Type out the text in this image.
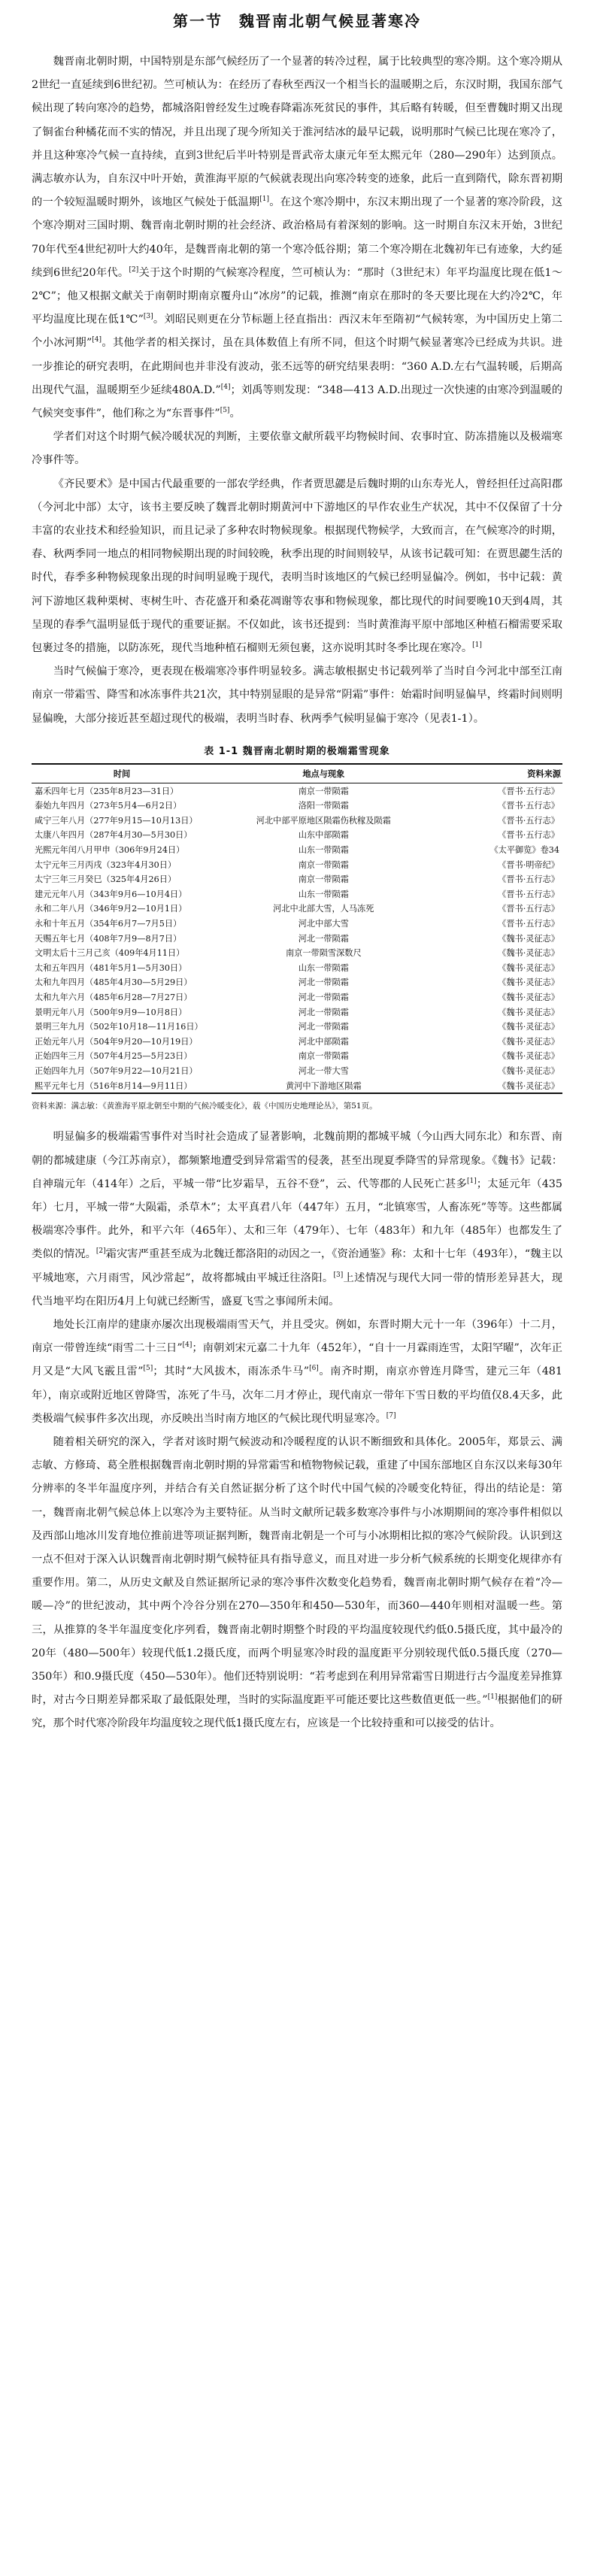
第一节  魏晋南北朝气候显著寒冷

魏晋南北朝时期，中国特别是东部气候经历了一个显著的转冷过程，属于比较典型的寒冷期。这个寒冷期从2世纪一直延续到6世纪初。竺可桢认为：在经历了春秋至西汉一个相当长的温暖期之后，东汉时期，我国东部气候出现了转向寒冷的趋势，都城洛阳曾经发生过晚春降霜冻死贫民的事件，其后略有转暖，但至曹魏时期又出现了铜雀台种橘花而不实的情况，并且出现了现今所知关于淮河结冰的最早记载，说明那时气候已比现在寒冷了，并且这种寒冷气候一直持续，直到3世纪后半叶特别是晋武帝太康元年至太熙元年（280—290年）达到顶点。满志敏亦认为，自东汉中叶开始，黄淮海平原的气候就表现出向寒冷转变的迹象，此后一直到隋代，除东晋初期的一个较短温暖时期外，该地区气候处于低温期[1]。在这个寒冷期中，东汉末期出现了一个显著的寒冷阶段，这个寒冷期对三国时期、魏晋南北朝时期的社会经济、政治格局有着深刻的影响。这一时期自东汉末开始，3世纪70年代至4世纪初叶大约40年，是魏晋南北朝的第一个寒冷低谷期；第二个寒冷期在北魏初年已有迹象，大约延续到6世纪20年代。[2]关于这个时期的气候寒冷程度，竺可桢认为：“那时（3世纪末）年平均温度比现在低1～2℃”；他又根据文献关于南朝时期南京覆舟山“冰房”的记载，推测“南京在那时的冬天要比现在大约冷2℃，年平均温度比现在低1℃”[3]。刘昭民则更在分节标题上径直指出：西汉末年至隋初“气候转寒，为中国历史上第二个小冰河期”[4]。其他学者的相关探讨，虽在具体数值上有所不同，但这个时期气候显著寒冷已经成为共识。进一步推论的研究表明，在此期间也并非没有波动，张丕远等的研究结果表明：“360 A.D.左右气温转暖，后期高出现代气温，温暖期至少延续480A.D.”[4]；刘禹等则发现：“348—413 A.D.出现过一次快速的由寒冷到温暖的气候突变事件”，他们称之为“东晋事件”[5]。

学者们对这个时期气候冷暖状况的判断，主要依靠文献所载平均物候时间、农事时宜、防冻措施以及极端寒冷事件等。

《齐民要术》是中国古代最重要的一部农学经典，作者贾思勰是后魏时期的山东寿光人，曾经担任过高阳郡（今河北中部）太守，该书主要反映了魏晋北朝时期黄河中下游地区的早作农业生产状况，其中不仅保留了十分丰富的农业技术和经验知识，而且记录了多种农时物候现象。根据现代物候学，大致而言，在气候寒冷的时期，春、秋两季同一地点的相同物候期出现的时间较晚，秋季出现的时间则较早，从该书记载可知：在贾思勰生活的时代，春季多种物候现象出现的时间明显晚于现代，表明当时该地区的气候已经明显偏冷。例如，书中记载：黄河下游地区栽种栗树、枣树生叶、杏花盛开和桑花凋谢等农事和物候现象，都比现代的时间要晚10天到4周，其呈现的春季气温明显低于现代的重要证据。不仅如此，该书还提到：当时黄淮海平原中部地区种植石榴需要采取包裹过冬的措施，以防冻死，现代当地种植石榴则无须包裹，这亦说明其时冬季比现在寒冷。[1]

当时气候偏于寒冷，更表现在极端寒冷事件明显较多。满志敏根据史书记载列举了当时自今河北中部至江南南京一带霜雪、降雪和冰冻事件共21次，其中特别显眼的是异常“阴霜”事件：始霜时间明显偏早，终霜时间则明显偏晚，大部分接近甚至超过现代的极端，表明当时春、秋两季气候明显偏于寒冷（见表1-1）。

表 1-1 魏晋南北朝时期的极端霜雪现象
时间	地点与现象	资料来源
嘉禾四年七月（235年8月23—31日）	南京一带陨霜	《晋书·五行志》
泰始九年四月（273年5月4—6月2日）	洛阳一带陨霜	《晋书·五行志》
咸宁三年八月（277年9月15—10月13日）	河北中部平原地区陨霜伤秋稼及陨霜	《晋书·五行志》
太康八年四月（287年4月30—5月30日）	山东中部陨霜	《晋书·五行志》
光熙元年闰八月甲申（306年9月24日）	山东一带陨霜	《太平御览》卷34
太宁元年三月丙戌（323年4月30日）	南京一带陨霜	《晋书·明帝纪》
太宁三年三月癸巳（325年4月26日）	南京一带陨霜	《晋书·五行志》
建元元年八月（343年9月6—10月4日）	山东一带陨霜	《晋书·五行志》
永和二年八月（346年9月2—10月1日）	河北中北部大雪，人马冻死	《晋书·五行志》
永和十年五月（354年6月7—7月5日）	河北中部大雪	《晋书·五行志》
天赐五年七月（408年7月9—8月7日）	河北一带陨霜	《魏书·灵征志》
文明太后十三月己亥（409年4月11日）	南京一带陨雪深数尺	《魏书·灵征志》
太和五年四月（481年5月1—5月30日）	山东一带陨霜	《魏书·灵征志》
太和九年四月（485年4月30—5月29日）	河北一带陨霜	《魏书·灵征志》
太和九年六月（485年6月28—7月27日）	河北一带陨霜	《魏书·灵征志》
景明元年八月（500年9月9—10月8日）	河北一带陨霜	《魏书·灵征志》
景明三年九月（502年10月18—11月16日）	河北一带陨霜	《魏书·灵征志》
正始元年八月（504年9月20—10月19日）	河北中部陨霜	《魏书·灵征志》
正始四年三月（507年4月25—5月23日）	南京一带陨霜	《魏书·灵征志》
正始四年九月（507年9月22—10月21日）	河北一带大雪	《魏书·灵征志》
熙平元年七月（516年8月14—9月11日）	黄河中下游地区陨霜	《魏书·灵征志》
资料来源：满志敏：《黄淮海平原北朝至中期的气候冷暖变化》，载《中国历史地理论丛》，第51页。

明显偏多的极端霜雪事件对当时社会造成了显著影响，北魏前期的都城平城（今山西大同东北）和东晋、南朝的都城建康（今江苏南京），都频繁地遭受到异常霜雪的侵袭，甚至出现夏季降雪的异常现象。《魏书》记载：自神瑞元年（414年）之后，平城一带“比岁霜旱，五谷不登”，云、代等郡的人民死亡甚多[1]；太延元年（435年）七月，平城一带“大陨霜，杀草木”；太平真君八年（447年）五月，“北镇寒雪，人畜冻死”等等。这些都属极端寒冷事件。此外，和平六年（465年）、太和三年（479年）、七年（483年）和九年（485年）也都发生了类似的情况。[2]霜灾害严重甚至成为北魏迁都洛阳的动因之一，《资治通鉴》称：太和十七年（493年），“魏主以平城地寒，六月雨雪，风沙常起”，故将都城由平城迁往洛阳。[3]上述情况与现代大同一带的情形差异甚大，现代当地平均在阳历4月上旬就已经断雪，盛夏飞雪之事闻所未闻。

地处长江南岸的建康亦屡次出现极端雨雪天气，并且受灾。例如，东晋时期大元十一年（396年）十二月，南京一带曾连续“雨雪二十三日”[4]；南朝刘宋元嘉二十九年（452年），“自十一月霖雨连雪，太阳罕曜”，次年正月又是“大风飞霰且雷”[5]；其时“大风拔木，雨冻杀牛马”[6]。南齐时期，南京亦曾连月降雪，建元三年（481年），南京或附近地区曾降雪，冻死了牛马，次年二月才停止，现代南京一带年下雪日数的平均值仅8.4天多，此类极端气候事件多次出现，亦反映出当时南方地区的气候比现代明显寒冷。[7]

随着相关研究的深入，学者对该时期气候波动和冷暖程度的认识不断细致和具体化。2005年，郑景云、满志敏、方修琦、葛全胜根据魏晋南北朝时期的异常霜雪和植物物候记载，重建了中国东部地区自东汉以来每30年分辨率的冬半年温度序列，并结合有关自然证据分析了这个时代中国气候的冷暖变化特征，得出的结论是：第一，魏晋南北朝气候总体上以寒冷为主要特征。从当时文献所记载多数寒冷事件与小冰期期间的寒冷事件相似以及西部山地冰川发育地位推前进等项证据判断，魏晋南北朝是一个可与小冰期相比拟的寒冷气候阶段。认识到这一点不但对于深入认识魏晋南北朝时期气候特征具有指导意义，而且对进一步分析气候系统的长期变化规律亦有重要作用。第二，从历史文献及自然证据所记录的寒冷事件次数变化趋势看，魏晋南北朝时期气候存在着“冷—暖—冷”的世纪波动，其中两个冷谷分别在270—350年和450—530年，而360—440年则相对温暖一些。第三，从推算的冬半年温度变化序列看，魏晋南北朝时期整个时段的平均温度较现代约低0.5摄氏度，其中最冷的20年（480—500年）较现代低1.2摄氏度，而两个明显寒冷时段的温度距平分别较现代低0.5摄氏度（270—350年）和0.9摄氏度（450—530年）。他们还特别说明：“若考虑到在利用异常霜雪日期进行古今温度差异推算时，对古今日期差异都采取了最低限处理，当时的实际温度距平可能还要比这些数值更低一些。”[1]根据他们的研究，那个时代寒冷阶段年均温度较之现代低1摄氏度左右，应该是一个比较持重和可以接受的估计。
